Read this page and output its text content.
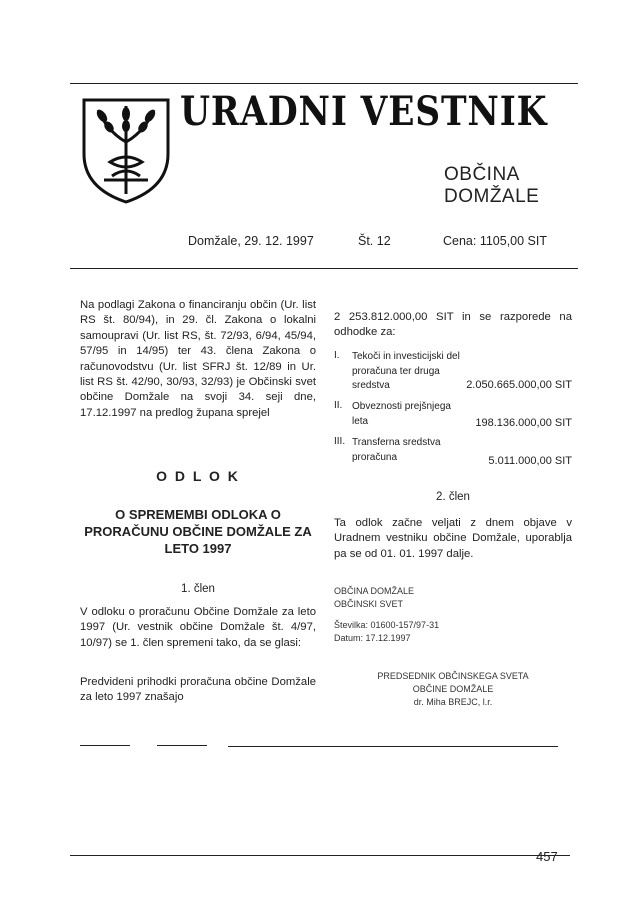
URADNI VESTNIK
OBČINA
DOMŽALE
Domžale, 29. 12. 1997	Št. 12	Cena: 1105,00 SIT
Na podlagi Zakona o financiranju občin (Ur. list RS št. 80/94), in 29. čl. Zakona o lokalni samoupravi (Ur. list RS, št. 72/93, 6/94, 45/94, 57/95 in 14/95) ter 43. člena Zakona o računovodstvu (Ur. list SFRJ št. 12/89 in Ur. list RS št. 42/90, 30/93, 32/93) je Občinski svet občine Domžale na svoji 34. seji dne, 17.12.1997 na predlog župana sprejel
O D L O K
O SPREMEMBI ODLOKA O PRORAČUNU OBČINE DOMŽALE ZA LETO 1997
1. člen
V odloku o proračunu Občine Domžale za leto 1997 (Ur. vestnik občine Domžale št. 4/97, 10/97) se 1. člen spremeni tako, da se glasi:
Predvideni prihodki proračuna občine Domžale za leto 1997 znašajo
2 253.812.000,00 SIT in se razporede na odhodke za:
I. Tekoči in investicijski del proračuna ter druga sredstva	2.050.665.000,00 SIT
II. Obveznosti prejšnjega leta	198.136.000,00 SIT
III. Transferna sredstva proračuna	5.011.000,00 SIT
2. člen
Ta odlok začne veljati z dnem objave v Uradnem vestniku občine Domžale, uporablja pa se od 01. 01. 1997 dalje.
OBČINA DOMŽALE
OBČINSKI SVET
Številka: 01600-157/97-31
Datum: 17.12.1997
PREDSEDNIK OBČINSKEGA SVETA
OBČINE DOMŽALE
dr. Miha BREJC, l.r.
457
